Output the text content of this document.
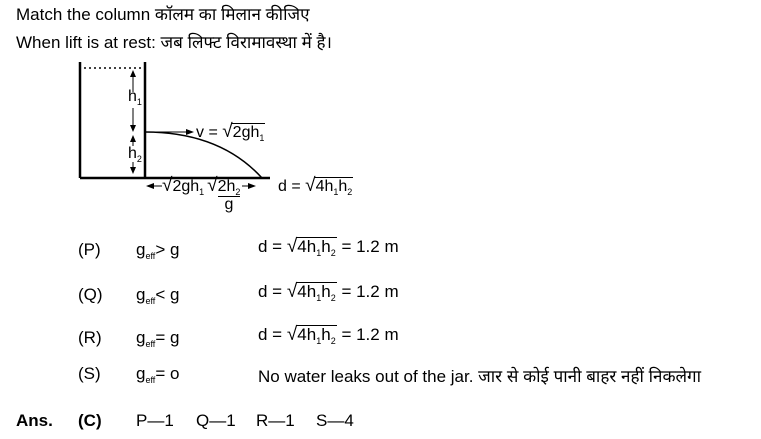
Match the column कॉलम का मिलान कीजिए
When lift is at rest: जब लिफ्ट विरामावस्था में है।
$h_1$
$h_2$
$v = √2gh_1$
$√2gh_1$ √ $\frac{2h_2}{g}$ $d = √4h_1h_2$
(P) $g_{eff}> g$	$d = √4h_1h_2 = 1.2$ m
(Q) $g_{eff}< g$	$d = √4h_1h_2 = 1.2$ m
(R) $g_{eff}= g$	$d = √4h_1h_2 = 1.2$ m
(S) $g_{eff}= o$	No water leaks out of the jar. जार से कोई पानी बाहर नहीं निकलेगा
Ans. (C) P—1 Q—1 R—1 S—4
